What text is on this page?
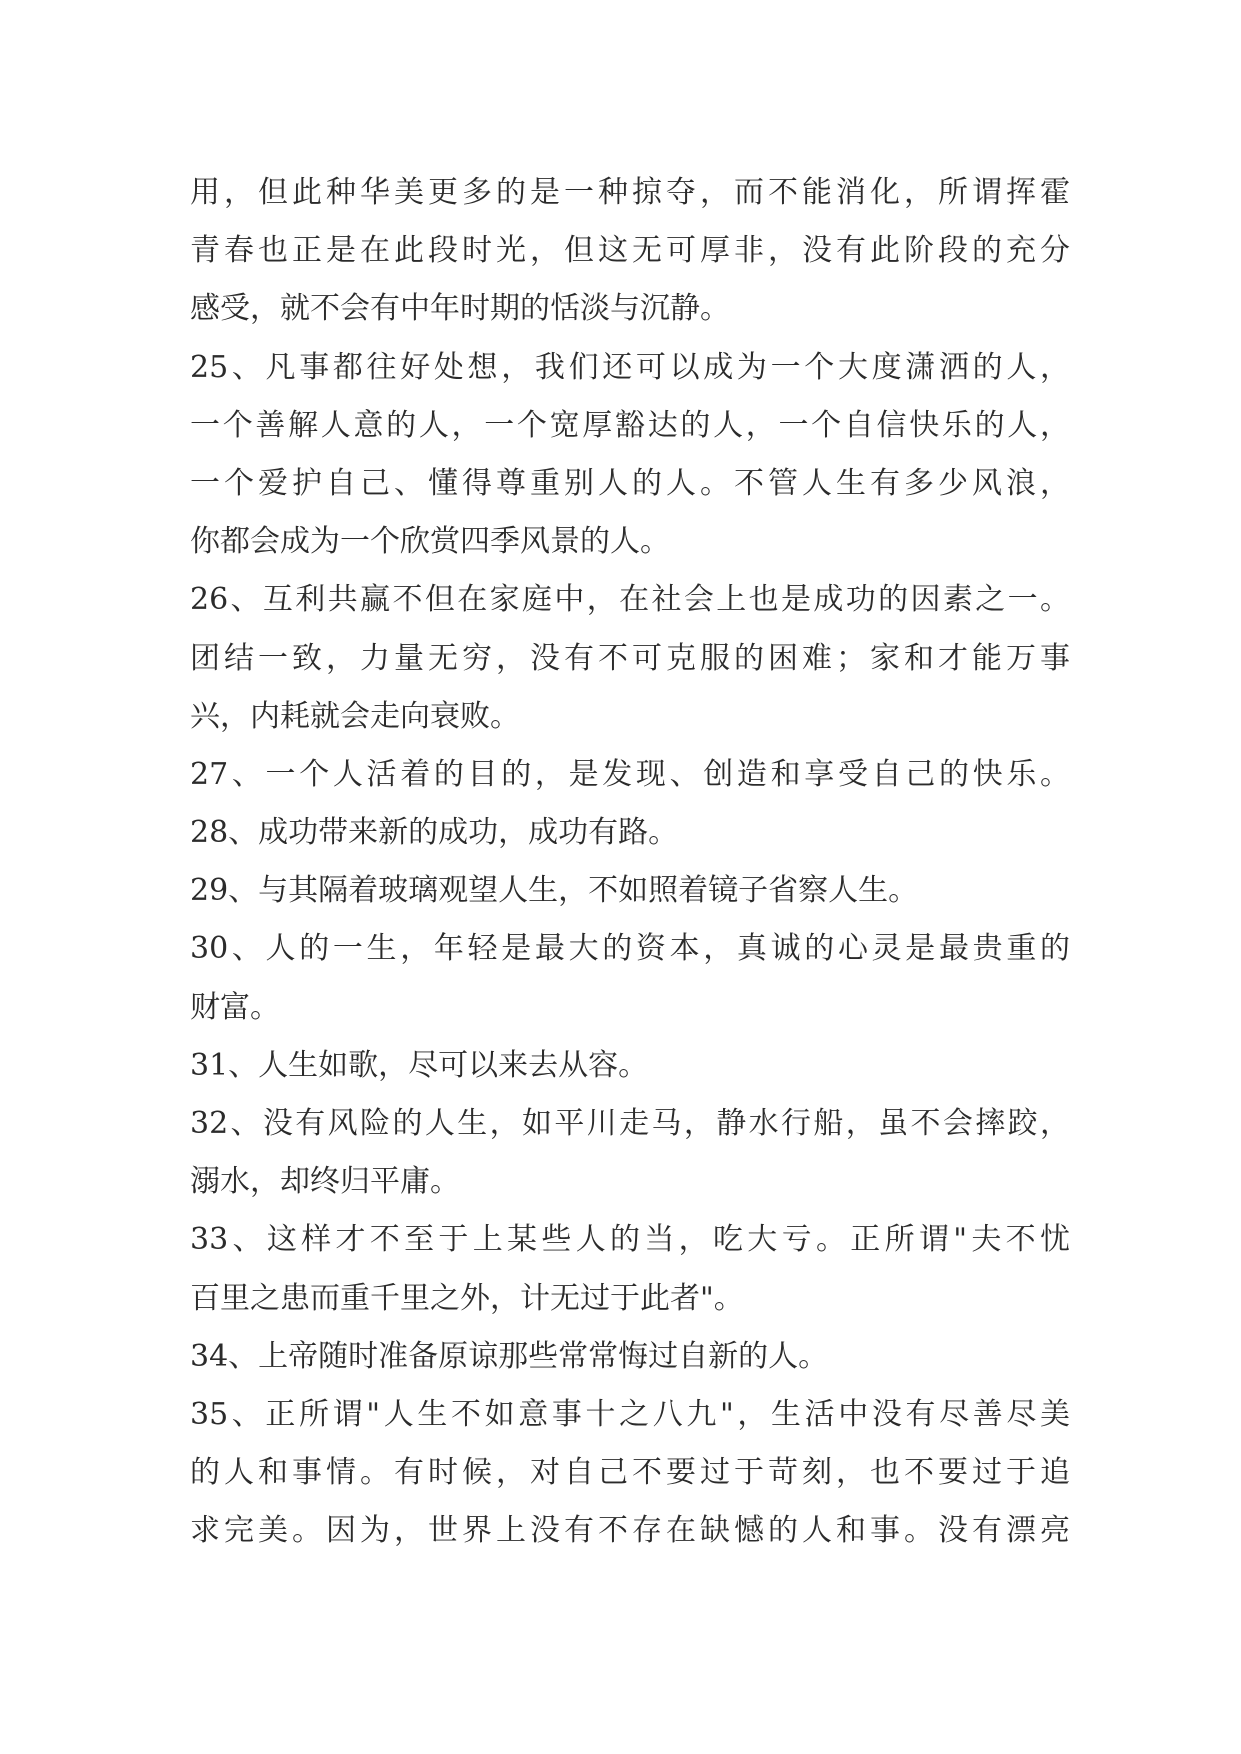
用，但此种华美更多的是一种掠夺，而不能消化，所谓挥霍
青春也正是在此段时光，但这无可厚非，没有此阶段的充分
感受，就不会有中年时期的恬淡与沉静。
25、凡事都往好处想，我们还可以成为一个大度潇洒的人，
一个善解人意的人，一个宽厚豁达的人，一个自信快乐的人，
一个爱护自己、懂得尊重别人的人。不管人生有多少风浪，
你都会成为一个欣赏四季风景的人。
26、互利共赢不但在家庭中，在社会上也是成功的因素之一。
团结一致，力量无穷，没有不可克服的困难；家和才能万事
兴，内耗就会走向衰败。
27、一个人活着的目的，是发现、创造和享受自己的快乐。
28、成功带来新的成功，成功有路。
29、与其隔着玻璃观望人生，不如照着镜子省察人生。
30、人的一生，年轻是最大的资本，真诚的心灵是最贵重的
财富。
31、人生如歌，尽可以来去从容。
32、没有风险的人生，如平川走马，静水行船，虽不会摔跤，
溺水，却终归平庸。
33、这样才不至于上某些人的当，吃大亏。正所谓"夫不忧
百里之患而重千里之外，计无过于此者"。
34、上帝随时准备原谅那些常常悔过自新的人。
35、正所谓"人生不如意事十之八九"，生活中没有尽善尽美
的人和事情。有时候，对自己不要过于苛刻，也不要过于追
求完美。因为，世界上没有不存在缺憾的人和事。没有漂亮
